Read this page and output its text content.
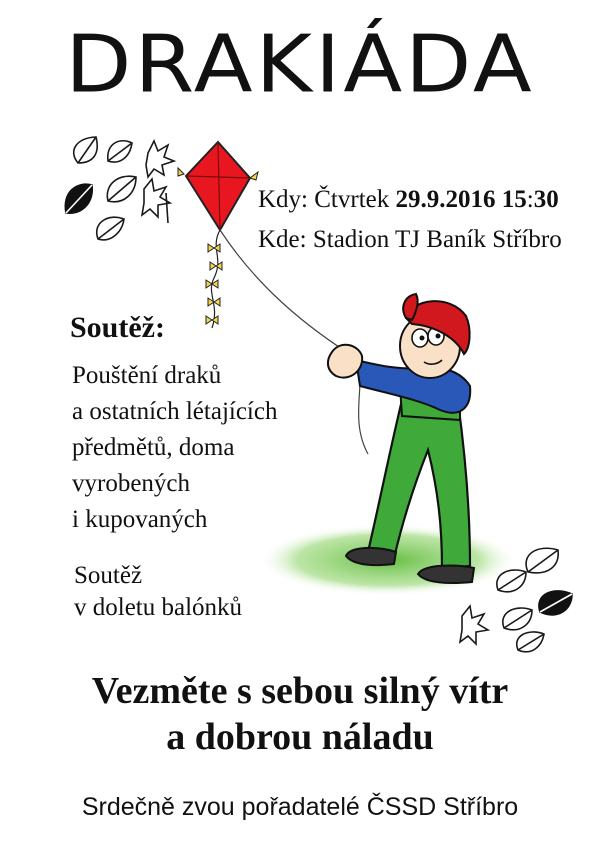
DRAKIÁDA
Kdy: Čtvrtek 29.9.2016 15:30
Kde: Stadion TJ Baník Stříbro
Soutěž:
Pouštění draků
a ostatních létajících
předmětů, doma
vyrobených
i kupovaných
Soutěž
v doletu balónků
Vezměte s sebou silný vítr
a dobrou náladu
Srdečně zvou pořadatelé ČSSD Stříbro
